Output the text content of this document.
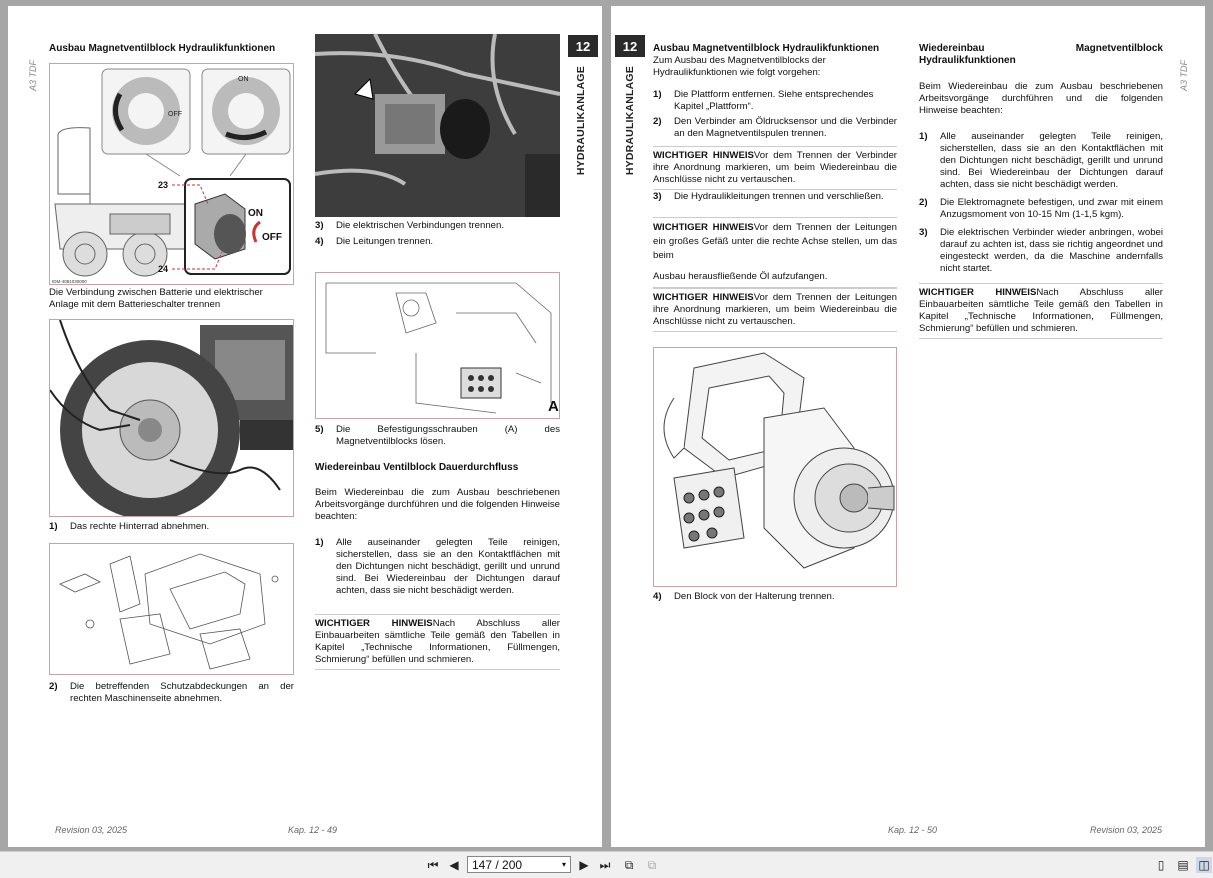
A3 TDF
12
HYDRAULIKANLAGE
Ausbau Magnetventilblock Hydraulikfunktionen
OFF
ON
ON
OFF
23
24
IDM-4081030000

Die Verbindung zwischen Batterie und elektrischer Anlage mit dem Batterieschalter trennen

1)	Das rechte Hinterrad abnehmen.
2)	Die betreffenden Schutzabdeckungen an der rechten Maschinenseite abnehmen.
3)	Die elektrischen Verbindungen trennen.
4)	Die Leitungen trennen.
A
5)	Die Befestigungsschrauben (A) des Magnetventilblocks lösen.
Wiedereinbau Ventilblock Dauerdurchfluss

Beim Wiedereinbau die zum Ausbau beschriebenen Arbeitsvorgänge durchführen und die folgenden Hinweise beachten:

1)	Alle auseinander gelegten Teile reinigen, sicherstellen, dass sie an den Kontaktflächen mit den Dichtungen nicht beschädigt, gerillt und unrund sind. Bei Wiedereinbau der Dichtungen darauf achten, dass sie nicht beschädigt werden.
WICHTIGER HINWEISNach Abschluss aller Einbauarbeiten sämtliche Teile gemäß den Tabellen in Kapitel „Technische Informationen, Füllmengen, Schmierung“ befüllen und schmieren.
Revision 03, 2025	Kap. 12 - 49
12
HYDRAULIKANLAGE	A3 TDF
Ausbau Magnetventilblock Hydraulikfunktionen

Zum Ausbau des Magnetventilblocks der Hydraulikfunktionen wie folgt vorgehen:

1)	Die Plattform entfernen. Siehe entsprechendes Kapitel „Plattform“.
2)	Den Verbinder am Öldrucksensor und die Verbinder an den Magnetventilspulen trennen.
WICHTIGER HINWEISVor dem Trennen der Verbinder ihre Anordnung markieren, um beim Wiedereinbau die Anschlüsse nicht zu vertauschen.
3)	Die Hydraulikleitungen trennen und verschließen.
WICHTIGER HINWEISVor dem Trennen der Leitungen ein großes Gefäß unter die rechte Achse stellen, um das beim
Ausbau herausfließende Öl aufzufangen.
WICHTIGER HINWEISVor dem Trennen der Leitungen ihre Anordnung markieren, um beim Wiedereinbau die Anschlüsse nicht zu vertauschen.
4)	Den Block von der Halterung trennen.
Wiedereinbau Magnetventilblock Hydraulikfunktionen

Beim Wiedereinbau die zum Ausbau beschriebenen Arbeitsvorgänge durchführen und die folgenden Hinweise beachten:

1)	Alle auseinander gelegten Teile reinigen, sicherstellen, dass sie an den Kontaktflächen mit den Dichtungen nicht beschädigt, gerillt und unrund sind. Bei Wiedereinbau der Dichtungen darauf achten, dass sie nicht beschädigt werden.
2)	Die Elektromagnete befestigen, und zwar mit einem Anzugsmoment von 10-15 Nm (1-1,5 kgm).
3)	Die elektrischen Verbinder wieder anbringen, wobei darauf zu achten ist, dass sie richtig angeordnet und eingesteckt werden, da die Maschine andernfalls nicht startet.
WICHTIGER HINWEISNach Abschluss aller Einbauarbeiten sämtliche Teile gemäß den Tabellen in Kapitel „Technische Informationen, Füllmengen, Schmierung“ befüllen und schmieren.
Kap. 12 - 50	Revision 03, 2025
⏮ ◀ 147 / 200	▾ ▶ ⏭	⧉	⧉	▯	▤ ◫
